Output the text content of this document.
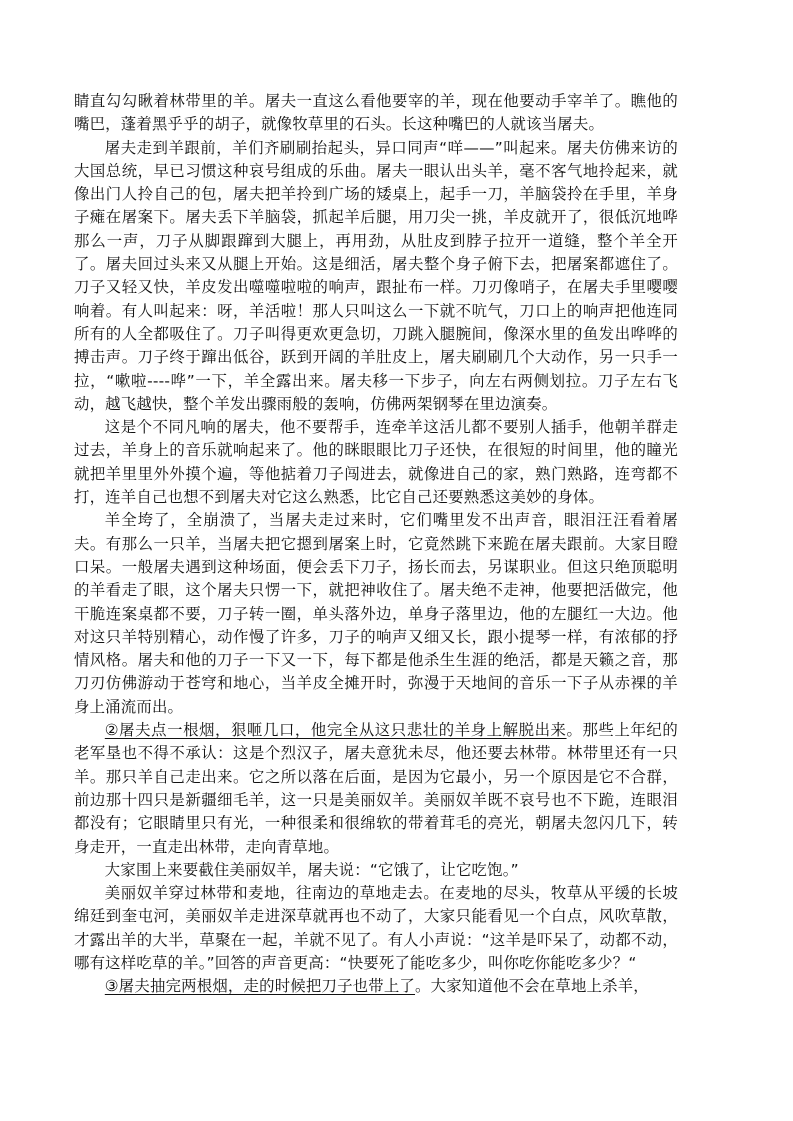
睛直勾勾瞅着林带里的羊。屠夫一直这么看他要宰的羊，现在他要动手宰羊了。瞧他的嘴巴，蓬着黑乎乎的胡子，就像牧草里的石头。长这种嘴巴的人就该当屠夫。

屠夫走到羊跟前，羊们齐刷刷抬起头，异口同声“咩——”叫起来。屠夫仿佛来访的大国总统，早已习惯这种哀号组成的乐曲。屠夫一眼认出头羊，毫不客气地拎起来，就像出门人拎自己的包，屠夫把羊拎到广场的矮桌上，起手一刀，羊脑袋拎在手里，羊身子瘫在屠案下。屠夫丢下羊脑袋，抓起羊后腿，用刀尖一挑，羊皮就开了，很低沉地哗那么一声，刀子从脚跟蹿到大腿上，再用劲，从肚皮到脖子拉开一道缝，整个羊全开了。屠夫回过头来又从腿上开始。这是细活，屠夫整个身子俯下去，把屠案都遮住了。刀子又轻又快，羊皮发出噬噬啦啦的响声，跟扯布一样。刀刃像哨子，在屠夫手里嘤嘤响着。有人叫起来：呀，羊活啦！那人只叫这么一下就不吭气，刀口上的响声把他连同所有的人全都吸住了。刀子叫得更欢更急切，刀跳入腿腕间，像深水里的鱼发出哗哗的搏击声。刀子终于蹿出低谷，跃到开阔的羊肚皮上，屠夫刷刷几个大动作，另一只手一拉，“嗽啦----哗”一下，羊全露出来。屠夫移一下步子，向左右两侧划拉。刀子左右飞动，越飞越快，整个羊发出骤雨般的轰响，仿佛两架钢琴在里边演奏。

这是个不同凡响的屠夫，他不要帮手，连牵羊这活儿都不要别人插手，他朝羊群走过去，羊身上的音乐就响起来了。他的眯眼眼比刀子还快，在很短的时间里，他的瞳光就把羊里里外外摸个遍，等他掂着刀子闯进去，就像进自己的家，熟门熟路，连弯都不打，连羊自己也想不到屠夫对它这么熟悉，比它自己还要熟悉这美妙的身体。

羊全垮了，全崩溃了，当屠夫走过来时，它们嘴里发不出声音，眼泪汪汪看着屠夫。有那么一只羊，当屠夫把它摁到屠案上时，它竟然跳下来跪在屠夫跟前。大家目瞪口呆。一般屠夫遇到这种场面，便会丢下刀子，扬长而去，另谋职业。但这只绝顶聪明的羊看走了眼，这个屠夫只愣一下，就把神收住了。屠夫绝不走神，他要把活做完，他干脆连案桌都不要，刀子转一圈，单头落外边，单身子落里边，他的左腿红一大边。他对这只羊特别精心，动作慢了许多，刀子的响声又细又长，跟小提琴一样，有浓郁的抒情风格。屠夫和他的刀子一下又一下，每下都是他杀生生涯的绝活，都是天籁之音，那刀刃仿佛游动于苍穹和地心，当羊皮全摊开时，弥漫于天地间的音乐一下子从赤裸的羊身上涌流而出。

②屠夫点一根烟，狠咂几口，他完全从这只悲壮的羊身上解脱出来。那些上年纪的老军垦也不得不承认：这是个烈汉子，屠夫意犹未尽，他还要去林带。林带里还有一只羊。那只羊自己走出来。它之所以落在后面，是因为它最小，另一个原因是它不合群，前边那十四只是新疆细毛羊，这一只是美丽奴羊。美丽奴羊既不哀号也不下跪，连眼泪都没有；它眼睛里只有光，一种很柔和很绵软的带着茸毛的亮光，朝屠夫忽闪几下，转身走开，一直走出林带，走向青草地。

大家围上来要截住美丽奴羊，屠夫说：“它饿了，让它吃饱。”

美丽奴羊穿过林带和麦地，往南边的草地走去。在麦地的尽头，牧草从平缓的长坡绵廷到奎屯河，美丽奴羊走进深草就再也不动了，大家只能看见一个白点，风吹草散，才露出羊的大半，草聚在一起，羊就不见了。有人小声说：“这羊是吓呆了，动都不动，哪有这样吃草的羊。”回答的声音更高：“快要死了能吃多少，叫你吃你能吃多少？“

③屠夫抽完两根烟，走的时候把刀子也带上了。大家知道他不会在草地上杀羊，
